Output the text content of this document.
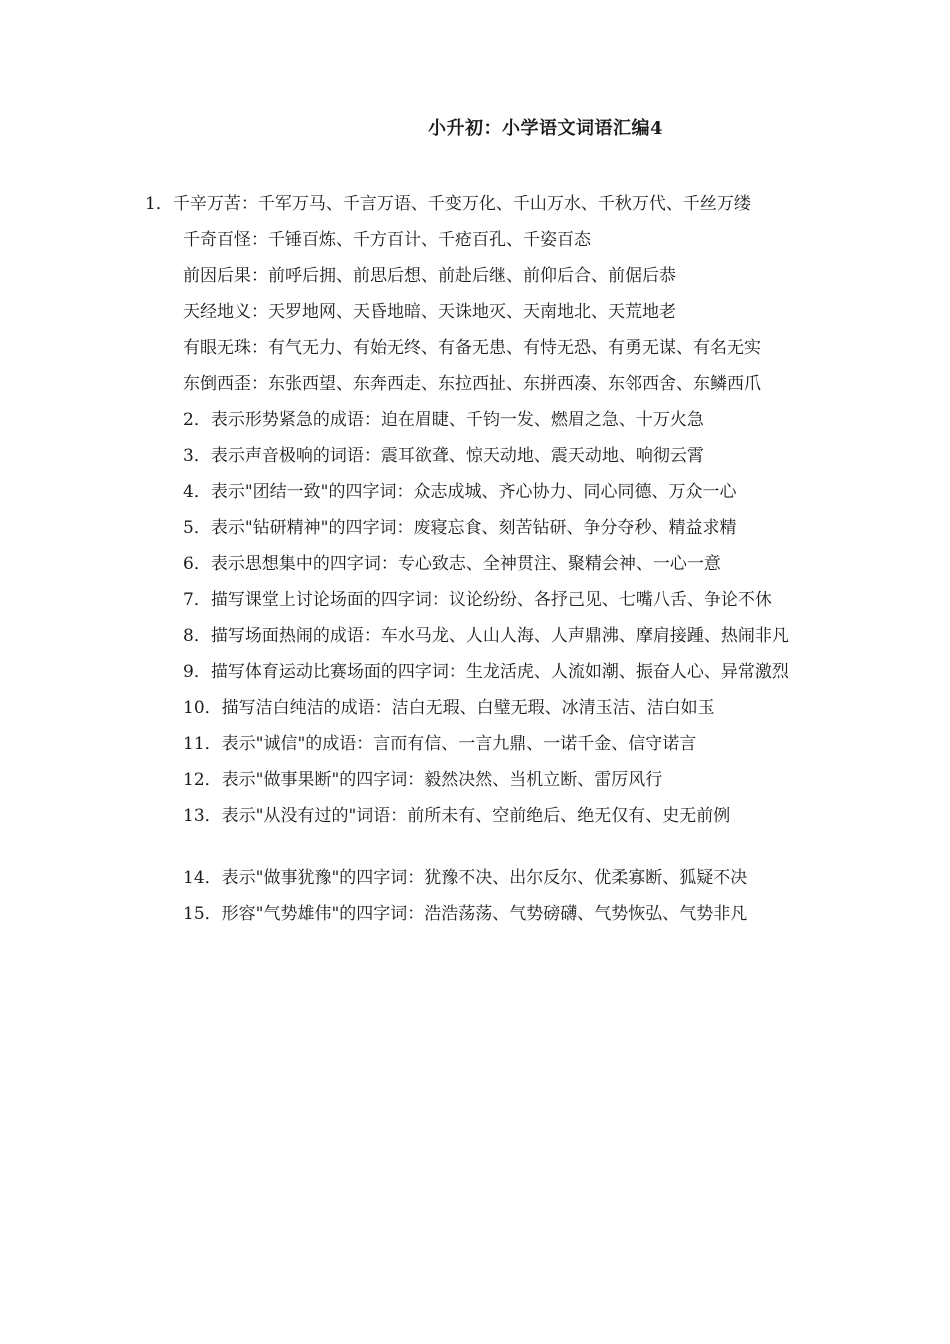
小升初：小学语文词语汇编4

1．千辛万苦：千军万马、千言万语、千变万化、千山万水、千秋万代、千丝万缕

千奇百怪：千锤百炼、千方百计、千疮百孔、千姿百态

前因后果：前呼后拥、前思后想、前赴后继、前仰后合、前倨后恭

天经地义：天罗地网、天昏地暗、天诛地灭、天南地北、天荒地老

有眼无珠：有气无力、有始无终、有备无患、有恃无恐、有勇无谋、有名无实

东倒西歪：东张西望、东奔西走、东拉西扯、东拼西凑、东邻西舍、东鳞西爪

2．表示形势紧急的成语：迫在眉睫、千钧一发、燃眉之急、十万火急

3．表示声音极响的词语：震耳欲聋、惊天动地、震天动地、响彻云霄

4．表示"团结一致"的四字词：众志成城、齐心协力、同心同德、万众一心

5．表示"钻研精神"的四字词：废寝忘食、刻苦钻研、争分夺秒、精益求精

6．表示思想集中的四字词：专心致志、全神贯注、聚精会神、一心一意

7．描写课堂上讨论场面的四字词：议论纷纷、各抒己见、七嘴八舌、争论不休

8．描写场面热闹的成语：车水马龙、人山人海、人声鼎沸、摩肩接踵、热闹非凡

9．描写体育运动比赛场面的四字词：生龙活虎、人流如潮、振奋人心、异常激烈

10．描写洁白纯洁的成语：洁白无瑕、白璧无瑕、冰清玉洁、洁白如玉

11．表示"诚信"的成语：言而有信、一言九鼎、一诺千金、信守诺言

12．表示"做事果断"的四字词：毅然决然、当机立断、雷厉风行

13．表示"从没有过的"词语：前所未有、空前绝后、绝无仅有、史无前例

14．表示"做事犹豫"的四字词：犹豫不决、出尔反尔、优柔寡断、狐疑不决

15．形容"气势雄伟"的四字词：浩浩荡荡、气势磅礴、气势恢弘、气势非凡
